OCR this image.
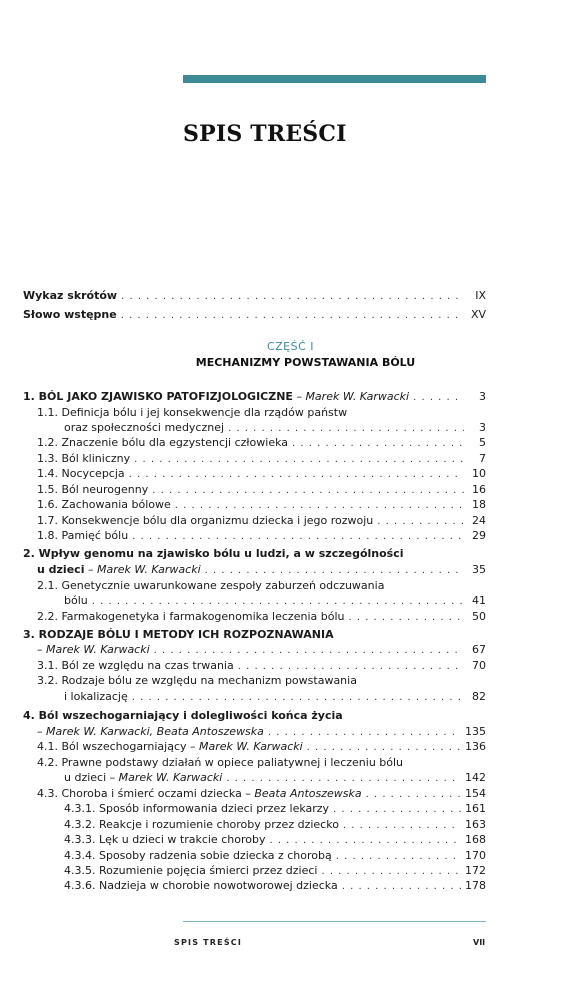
SPIS TREŚCI
Wykaz skrótów . . .	IX
Słowo wstępne . . .	XV
CZĘŚĆ I
MECHANIZMY POWSTAWANIA BÓLU
1. BÓL JAKO ZJAWISKO PATOFIZJOLOGICZNE – Marek W. Karwacki . . .	3
1.1. Definicja bólu i jej konsekwencje dla rządów państw
oraz społeczności medycznej . . .	3
1.2. Znaczenie bólu dla egzystencji człowieka . . .	5
1.3. Ból kliniczny . . .	7
1.4. Nocycepcja . . .	10
1.5. Ból neurogenny . . .	16
1.6. Zachowania bólowe . . .	18
1.7. Konsekwencje bólu dla organizmu dziecka i jego rozwoju . . .	24
1.8. Pamięć bólu . . .	29
2. Wpływ genomu na zjawisko bólu u ludzi, a w szczególności
u dzieci – Marek W. Karwacki . . .	35
2.1. Genetycznie uwarunkowane zespoły zaburzeń odczuwania
bólu . . .	41
2.2. Farmakogenetyka i farmakogenomika leczenia bólu . . .	50
3. RODZAJE BÓLU I METODY ICH ROZPOZNAWANIA
– Marek W. Karwacki . . .	67
3.1. Ból ze względu na czas trwania . . .	70
3.2. Rodzaje bólu ze względu na mechanizm powstawania
i lokalizację . . .	82
4. Ból wszechogarniający i dolegliwości końca życia
– Marek W. Karwacki, Beata Antoszewska . . .	135
4.1. Ból wszechogarniający – Marek W. Karwacki . . .	136
4.2. Prawne podstawy działań w opiece paliatywnej i leczeniu bólu
u dzieci – Marek W. Karwacki . . .	142
4.3. Choroba i śmierć oczami dziecka – Beata Antoszewska . . .	154
4.3.1. Sposób informowania dzieci przez lekarzy . . .	161
4.3.2. Reakcje i rozumienie choroby przez dziecko . . .	163
4.3.3. Lęk u dzieci w trakcie choroby . . .	168
4.3.4. Sposoby radzenia sobie dziecka z chorobą . . .	170
4.3.5. Rozumienie pojęcia śmierci przez dzieci . . .	172
4.3.6. Nadzieja w chorobie nowotworowej dziecka . . .	178
SPIS TREŚCI	VII
